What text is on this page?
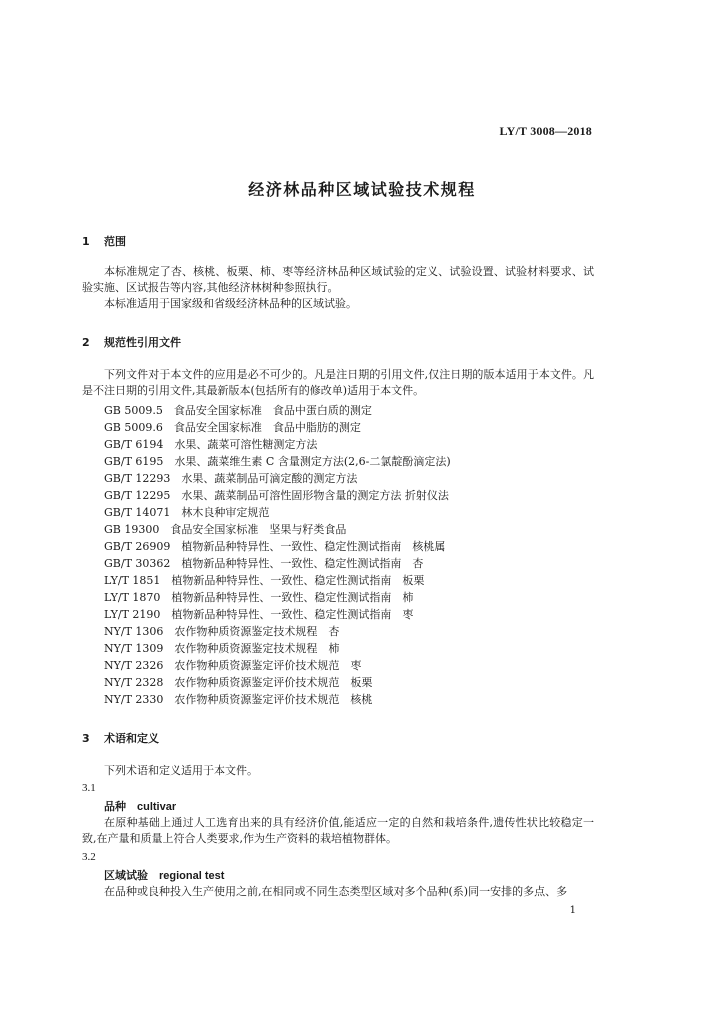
LY/T 3008—2018
经济林品种区域试验技术规程
1 范围
本标准规定了杏、核桃、板栗、柿、枣等经济林品种区域试验的定义、试验设置、试验材料要求、试验实施、区试报告等内容,其他经济林树种参照执行。
本标准适用于国家级和省级经济林品种的区域试验。
2 规范性引用文件
下列文件对于本文件的应用是必不可少的。凡是注日期的引用文件,仅注日期的版本适用于本文件。凡是不注日期的引用文件,其最新版本(包括所有的修改单)适用于本文件。
GB 5009.5　食品安全国家标准　食品中蛋白质的测定
GB 5009.6　食品安全国家标准　食品中脂肪的测定
GB/T 6194　水果、蔬菜可溶性糖测定方法
GB/T 6195　水果、蔬菜维生素 C 含量测定方法(2,6-二氯靛酚滴定法)
GB/T 12293　水果、蔬菜制品可滴定酸的测定方法
GB/T 12295　水果、蔬菜制品可溶性固形物含量的测定方法 折射仪法
GB/T 14071　林木良种审定规范
GB 19300　食品安全国家标准　坚果与籽类食品
GB/T 26909　植物新品种特异性、一致性、稳定性测试指南　核桃属
GB/T 30362　植物新品种特异性、一致性、稳定性测试指南　杏
LY/T 1851　植物新品种特异性、一致性、稳定性测试指南　板栗
LY/T 1870　植物新品种特异性、一致性、稳定性测试指南　柿
LY/T 2190　植物新品种特异性、一致性、稳定性测试指南　枣
NY/T 1306　农作物种质资源鉴定技术规程　杏
NY/T 1309　农作物种质资源鉴定技术规程　柿
NY/T 2326　农作物种质资源鉴定评价技术规范　枣
NY/T 2328　农作物种质资源鉴定评价技术规范　板栗
NY/T 2330　农作物种质资源鉴定评价技术规范　核桃
3 术语和定义
下列术语和定义适用于本文件。
3.1
品种　 cultivar
在原种基础上通过人工选育出来的具有经济价值,能适应一定的自然和栽培条件,遗传性状比较稳定一致,在产量和质量上符合人类要求,作为生产资料的栽培植物群体。
3.2
区域试验　 regional test
在品种或良种投入生产使用之前,在相同或不同生态类型区域对多个品种(系)同一安排的多点、多
1
